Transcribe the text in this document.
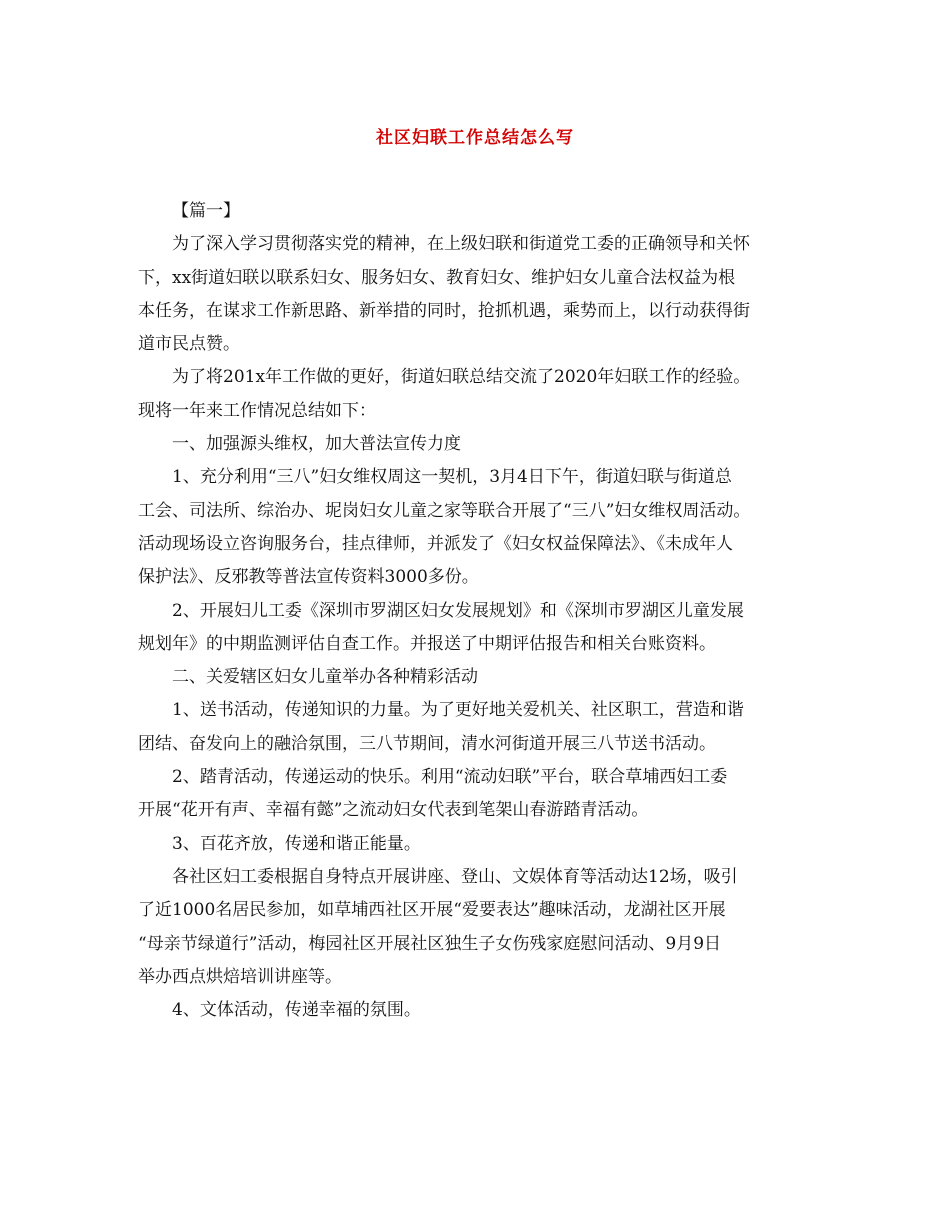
社区妇联工作总结怎么写
【篇一】
为了深入学习贯彻落实党的精神，在上级妇联和街道党工委的正确领导和关怀
下，xx街道妇联以联系妇女、服务妇女、教育妇女、维护妇女儿童合法权益为根
本任务，在谋求工作新思路、新举措的同时，抢抓机遇，乘势而上，以行动获得街
道市民点赞。
为了将201x年工作做的更好，街道妇联总结交流了2020年妇联工作的经验。
现将一年来工作情况总结如下：
一、加强源头维权，加大普法宣传力度
1、充分利用“三八”妇女维权周这一契机，3月4日下午，街道妇联与街道总
工会、司法所、综治办、坭岗妇女儿童之家等联合开展了“三八”妇女维权周活动。
活动现场设立咨询服务台，挂点律师，并派发了《妇女权益保障法》、《未成年人
保护法》、反邪教等普法宣传资料3000多份。
2、开展妇儿工委《深圳市罗湖区妇女发展规划》和《深圳市罗湖区儿童发展
规划年》的中期监测评估自查工作。并报送了中期评估报告和相关台账资料。
二、关爱辖区妇女儿童举办各种精彩活动
1、送书活动，传递知识的力量。为了更好地关爱机关、社区职工，营造和谐
团结、奋发向上的融洽氛围，三八节期间，清水河街道开展三八节送书活动。
2、踏青活动，传递运动的快乐。利用“流动妇联”平台，联合草埔西妇工委
开展“花开有声、幸福有懿”之流动妇女代表到笔架山春游踏青活动。
3、百花齐放，传递和谐正能量。
各社区妇工委根据自身特点开展讲座、登山、文娱体育等活动达12场，吸引
了近1000名居民参加，如草埔西社区开展“爱要表达”趣味活动，龙湖社区开展
“母亲节绿道行”活动，梅园社区开展社区独生子女伤残家庭慰问活动、9月9日
举办西点烘焙培训讲座等。
4、文体活动，传递幸福的氛围。
